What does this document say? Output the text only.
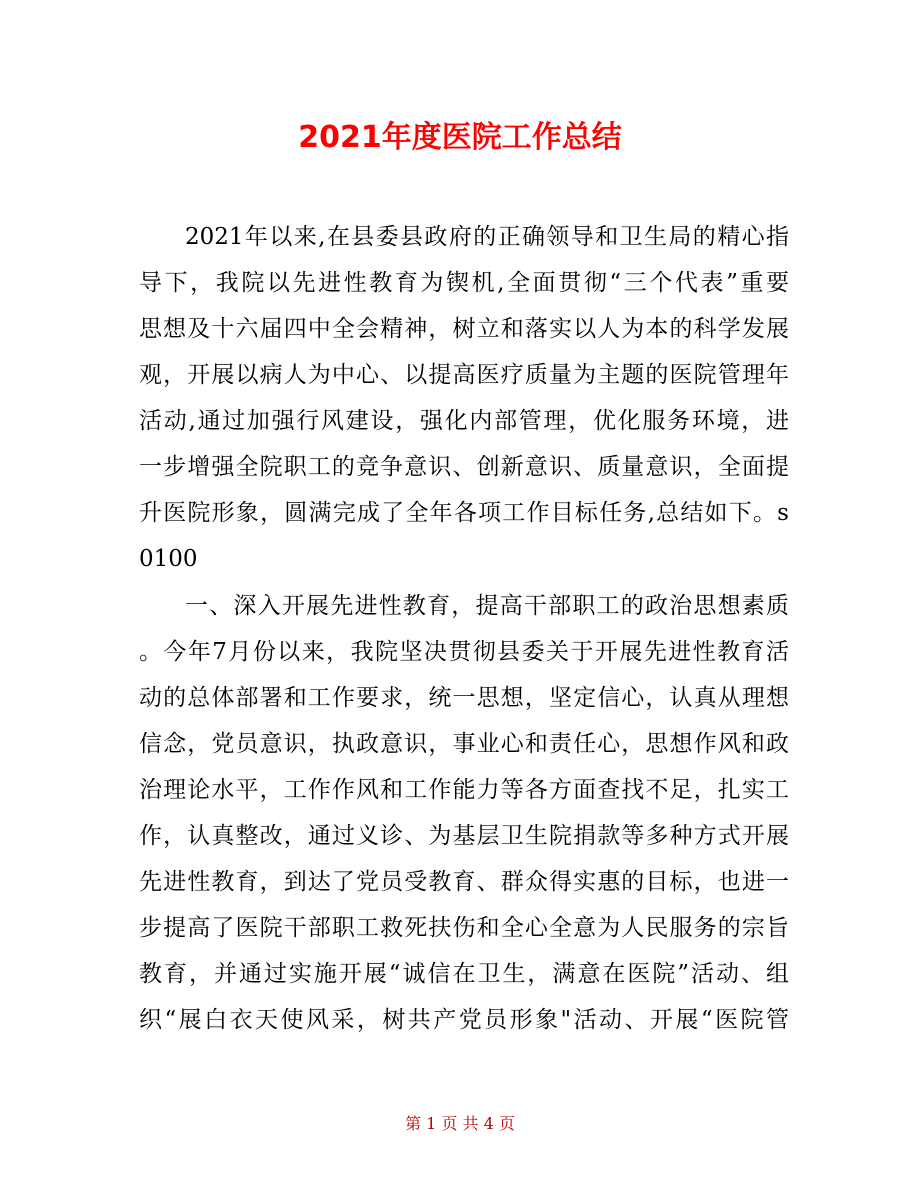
2021年度医院工作总结

2021年以来,在县委县政府的正确领导和卫生局的精心指

导下，我院以先进性教育为锲机,全面贯彻“三个代表”重要

思想及十六届四中全会精神，树立和落实以人为本的科学发展

观，开展以病人为中心、以提高医疗质量为主题的医院管理年

活动,通过加强行风建设，强化内部管理，优化服务环境，进

一步增强全院职工的竞争意识、创新意识、质量意识，全面提

升医院形象，圆满完成了全年各项工作目标任务,总结如下。s

0100

一、深入开展先进性教育，提高干部职工的政治思想素质

。今年7月份以来，我院坚决贯彻县委关于开展先进性教育活

动的总体部署和工作要求，统一思想，坚定信心，认真从理想

信念，党员意识，执政意识，事业心和责任心，思想作风和政

治理论水平，工作作风和工作能力等各方面查找不足，扎实工

作，认真整改，通过义诊、为基层卫生院捐款等多种方式开展

先进性教育，到达了党员受教育、群众得实惠的目标，也进一

步提高了医院干部职工救死扶伤和全心全意为人民服务的宗旨

教育，并通过实施开展“诚信在卫生，满意在医院”活动、组

织“展白衣天使风采，树共产党员形象"活动、开展“医院管

第 1 页 共 4 页
